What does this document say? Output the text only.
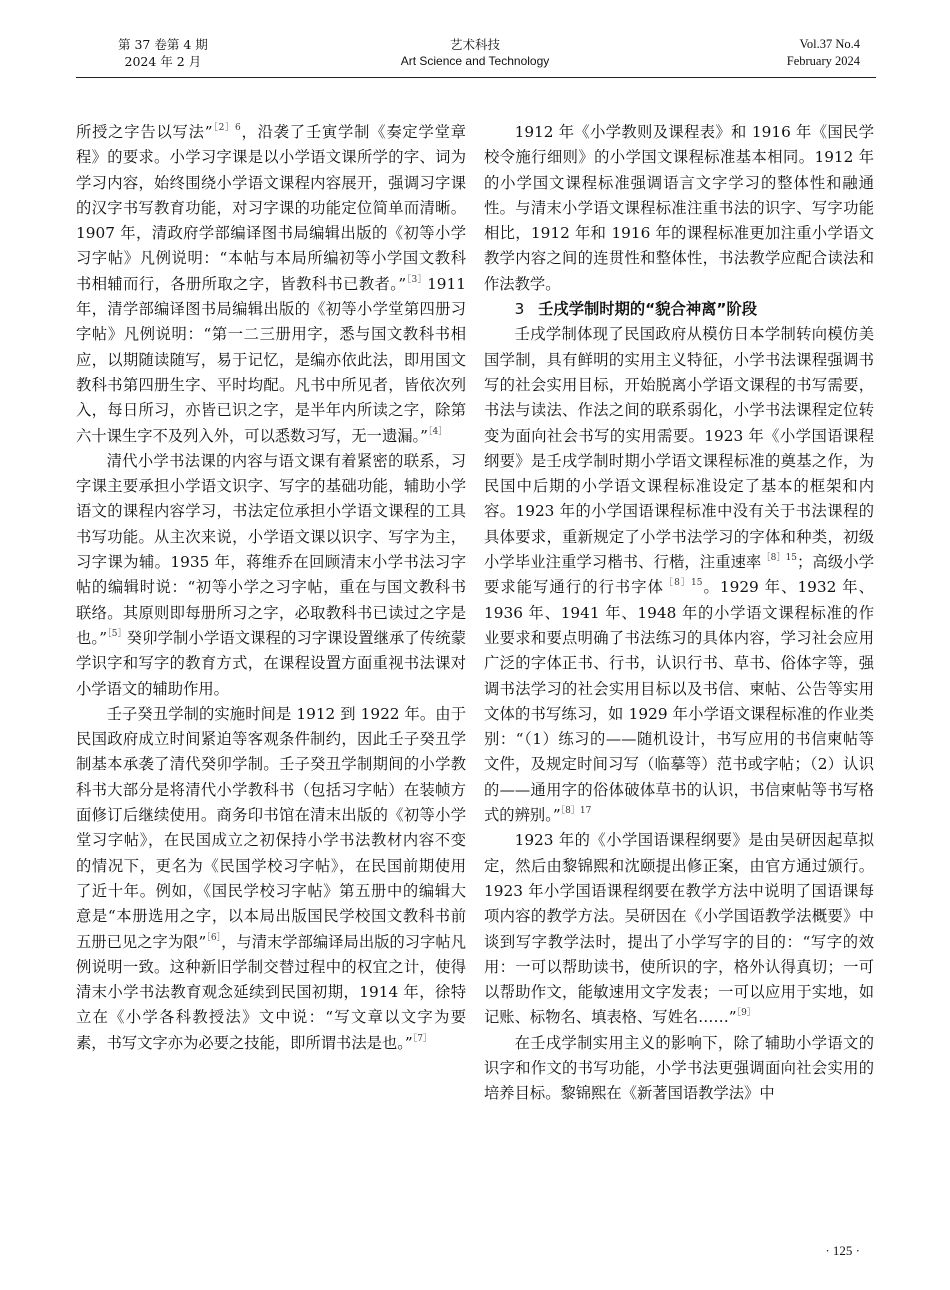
第 37 卷第 4 期
2024 年 2 月
艺术科技
Art Science and Technology
Vol.37 No.4
February 2024

所授之字告以写法”$^{[2]6}$，沿袭了壬寅学制《奏定学堂章程》的要求。小学习字课是以小学语文课所学的字、词为学习内容，始终围绕小学语文课程内容展开，强调习字课的汉字书写教育功能，对习字课的功能定位简单而清晰。1907 年，清政府学部编译图书局编辑出版的《初等小学习字帖》凡例说明：“本帖与本局所编初等小学国文教科书相辅而行，各册所取之字，皆教科书已教者。”$^{[3]}$1911 年，清学部编译图书局编辑出版的《初等小学堂第四册习字帖》凡例说明：“第一二三册用字，悉与国文教科书相应，以期随读随写，易于记忆，是编亦依此法，即用国文教科书第四册生字、平时均配。凡书中所见者，皆依次列入，每日所习，亦皆已识之字，是半年内所读之字，除第六十课生字不及列入外，可以悉数习写，无一遗漏。”$^{[4]}$

清代小学书法课的内容与语文课有着紧密的联系，习字课主要承担小学语文识字、写字的基础功能，辅助小学语文的课程内容学习，书法定位承担小学语文课程的工具书写功能。从主次来说，小学语文课以识字、写字为主，习字课为辅。1935 年，蒋维乔在回顾清末小学书法习字帖的编辑时说：“初等小学之习字帖，重在与国文教科书联络。其原则即每册所习之字，必取教科书已读过之字是也。”$^{[5]}$癸卯学制小学语文课程的习字课设置继承了传统蒙学识字和写字的教育方式，在课程设置方面重视书法课对小学语文的辅助作用。

壬子癸丑学制的实施时间是 1912 到 1922 年。由于民国政府成立时间紧迫等客观条件制约，因此壬子癸丑学制基本承袭了清代癸卯学制。壬子癸丑学制期间的小学教科书大部分是将清代小学教科书（包括习字帖）在装帧方面修订后继续使用。商务印书馆在清末出版的《初等小学堂习字帖》，在民国成立之初保持小学书法教材内容不变的情况下，更名为《民国学校习字帖》，在民国前期使用了近十年。例如，《国民学校习字帖》第五册中的编辑大意是“本册选用之字，以本局出版国民学校国文教科书前五册已见之字为限”$^{[6]}$，与清末学部编译局出版的习字帖凡例说明一致。这种新旧学制交替过程中的权宜之计，使得清末小学书法教育观念延续到民国初期，1914 年，徐特立在《小学各科教授法》文中说：“写文章以文字为要素，书写文字亦为必要之技能，即所谓书法是也。”$^{[7]}$

1912 年《小学教则及课程表》和 1916 年《国民学校令施行细则》的小学国文课程标准基本相同。1912 年的小学国文课程标准强调语言文字学习的整体性和融通性。与清末小学语文课程标准注重书法的识字、写字功能相比，1912 年和 1916 年的课程标准更加注重小学语文教学内容之间的连贯性和整体性，书法教学应配合读法和作法教学。

3 壬戌学制时期的“貌合神离”阶段

壬戌学制体现了民国政府从模仿日本学制转向模仿美国学制，具有鲜明的实用主义特征，小学书法课程强调书写的社会实用目标，开始脱离小学语文课程的书写需要，书法与读法、作法之间的联系弱化，小学书法课程定位转变为面向社会书写的实用需要。1923 年《小学国语课程纲要》是壬戌学制时期小学语文课程标准的奠基之作，为民国中后期的小学语文课程标准设定了基本的框架和内容。1923 年的小学国语课程标准中没有关于书法课程的具体要求，重新规定了小学书法学习的字体和种类，初级小学毕业注重学习楷书、行楷，注重速率$^{[8]15}$；高级小学要求能写通行的行书字体$^{[8]15}$。1929 年、1932 年、1936 年、1941 年、1948 年的小学语文课程标准的作业要求和要点明确了书法练习的具体内容，学习社会应用广泛的字体正书、行书，认识行书、草书、俗体字等，强调书法学习的社会实用目标以及书信、柬帖、公告等实用文体的书写练习，如 1929 年小学语文课程标准的作业类别：“（1）练习的——随机设计，书写应用的书信柬帖等文件，及规定时间习写（临摹等）范书或字帖；（2）认识的——通用字的俗体破体草书的认识，书信柬帖等书写格式的辨别。”$^{[8]17}$

1923 年的《小学国语课程纲要》是由吴研因起草拟定，然后由黎锦熙和沈颐提出修正案，由官方通过颁行。1923 年小学国语课程纲要在教学方法中说明了国语课每项内容的教学方法。吴研因在《小学国语教学法概要》中谈到写字教学法时，提出了小学写字的目的：“写字的效用：一可以帮助读书，使所识的字，格外认得真切；一可以帮助作文，能敏速用文字发表；一可以应用于实地，如记账、标物名、填表格、写姓名……”$^{[9]}$

在壬戌学制实用主义的影响下，除了辅助小学语文的识字和作文的书写功能，小学书法更强调面向社会实用的培养目标。黎锦熙在《新著国语教学法》中

· 125 ·
